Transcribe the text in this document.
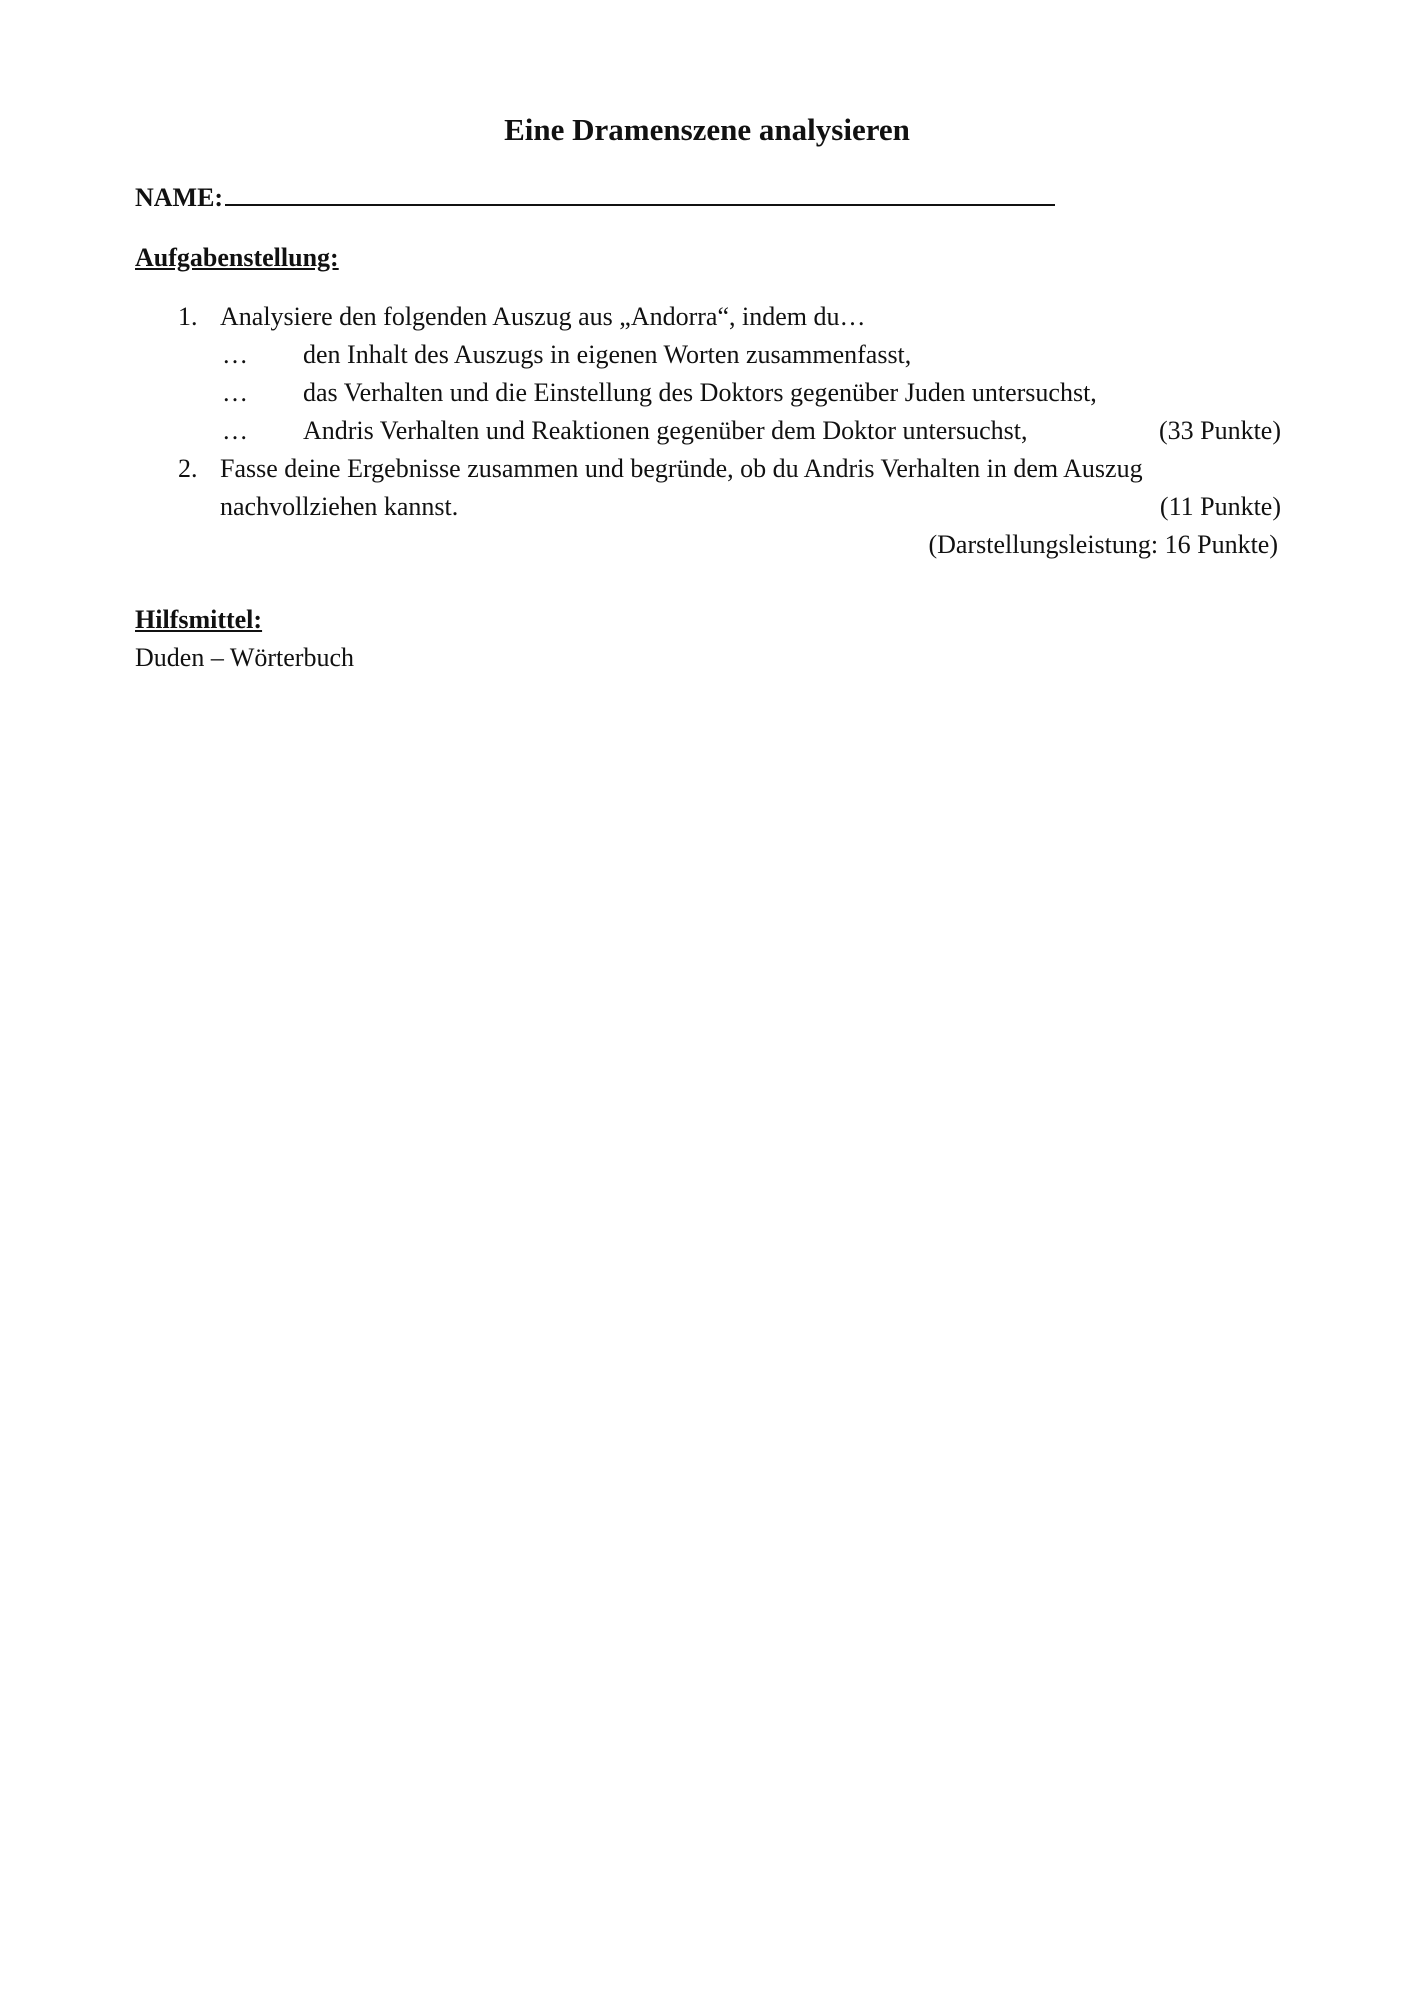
Eine Dramenszene analysieren
NAME:
Aufgabenstellung:
1. Analysiere den folgenden Auszug aus „Andorra“, indem du…
… den Inhalt des Auszugs in eigenen Worten zusammenfasst,
… das Verhalten und die Einstellung des Doktors gegenüber Juden untersuchst,
… Andris Verhalten und Reaktionen gegenüber dem Doktor untersuchst,	(33 Punkte)
2. Fasse deine Ergebnisse zusammen und begründe, ob du Andris Verhalten in dem Auszug
nachvollziehen kannst.	(11 Punkte)
(Darstellungsleistung: 16 Punkte)
Hilfsmittel:
Duden – Wörterbuch
